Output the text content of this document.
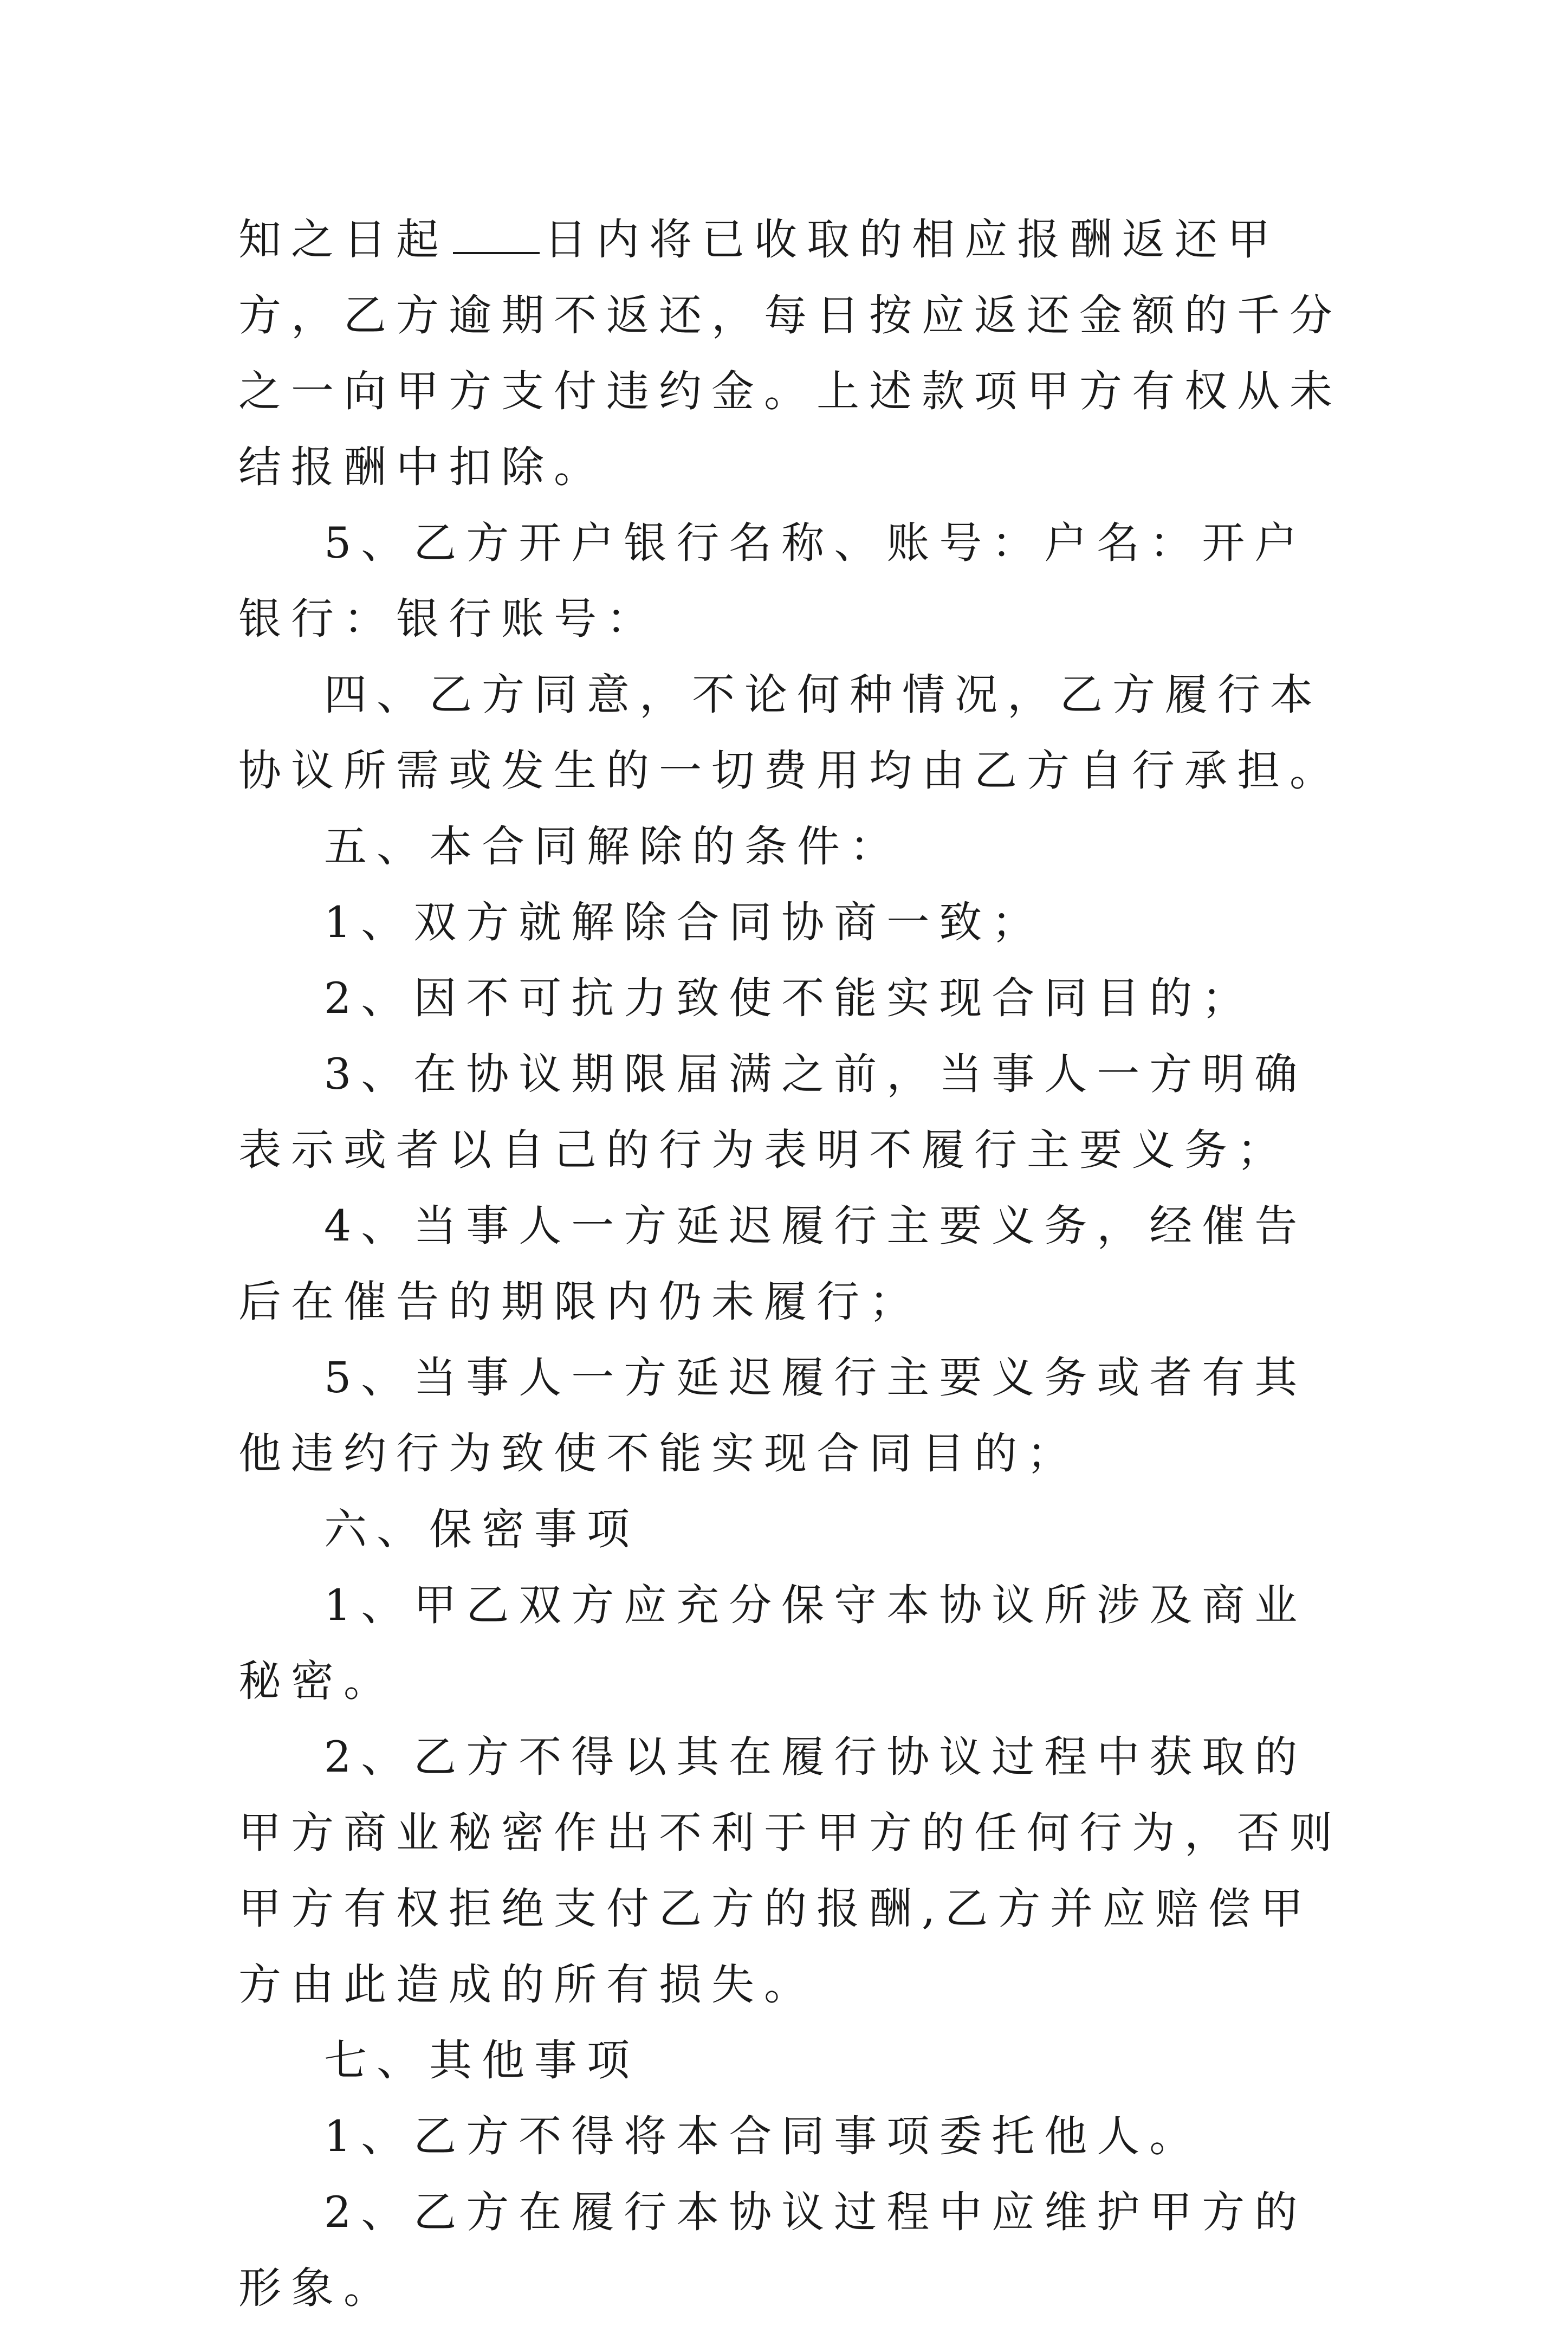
知之日起 日内将已收取的相应报酬返还甲方，乙方逾期不返还，每日按应返还金额的千分之一向甲方支付违约金。上述款项甲方有权从未结报酬中扣除。

5、乙方开户银行名称、账号：户名：开户银行：银行账号：

四、乙方同意，不论何种情况，乙方履行本协议所需或发生的一切费用均由乙方自行承担。

五、本合同解除的条件：

1、双方就解除合同协商一致；

2、因不可抗力致使不能实现合同目的；

3、在协议期限届满之前，当事人一方明确表示或者以自己的行为表明不履行主要义务；

4、当事人一方延迟履行主要义务，经催告后在催告的期限内仍未履行；

5、当事人一方延迟履行主要义务或者有其他违约行为致使不能实现合同目的；

六、保密事项

1、甲乙双方应充分保守本协议所涉及商业秘密。

2、乙方不得以其在履行协议过程中获取的甲方商业秘密作出不利于甲方的任何行为，否则甲方有权拒绝支付乙方的报酬,乙方并应赔偿甲方由此造成的所有损失。

七、其他事项

1、乙方不得将本合同事项委托他人。

2、乙方在履行本协议过程中应维护甲方的形象。
